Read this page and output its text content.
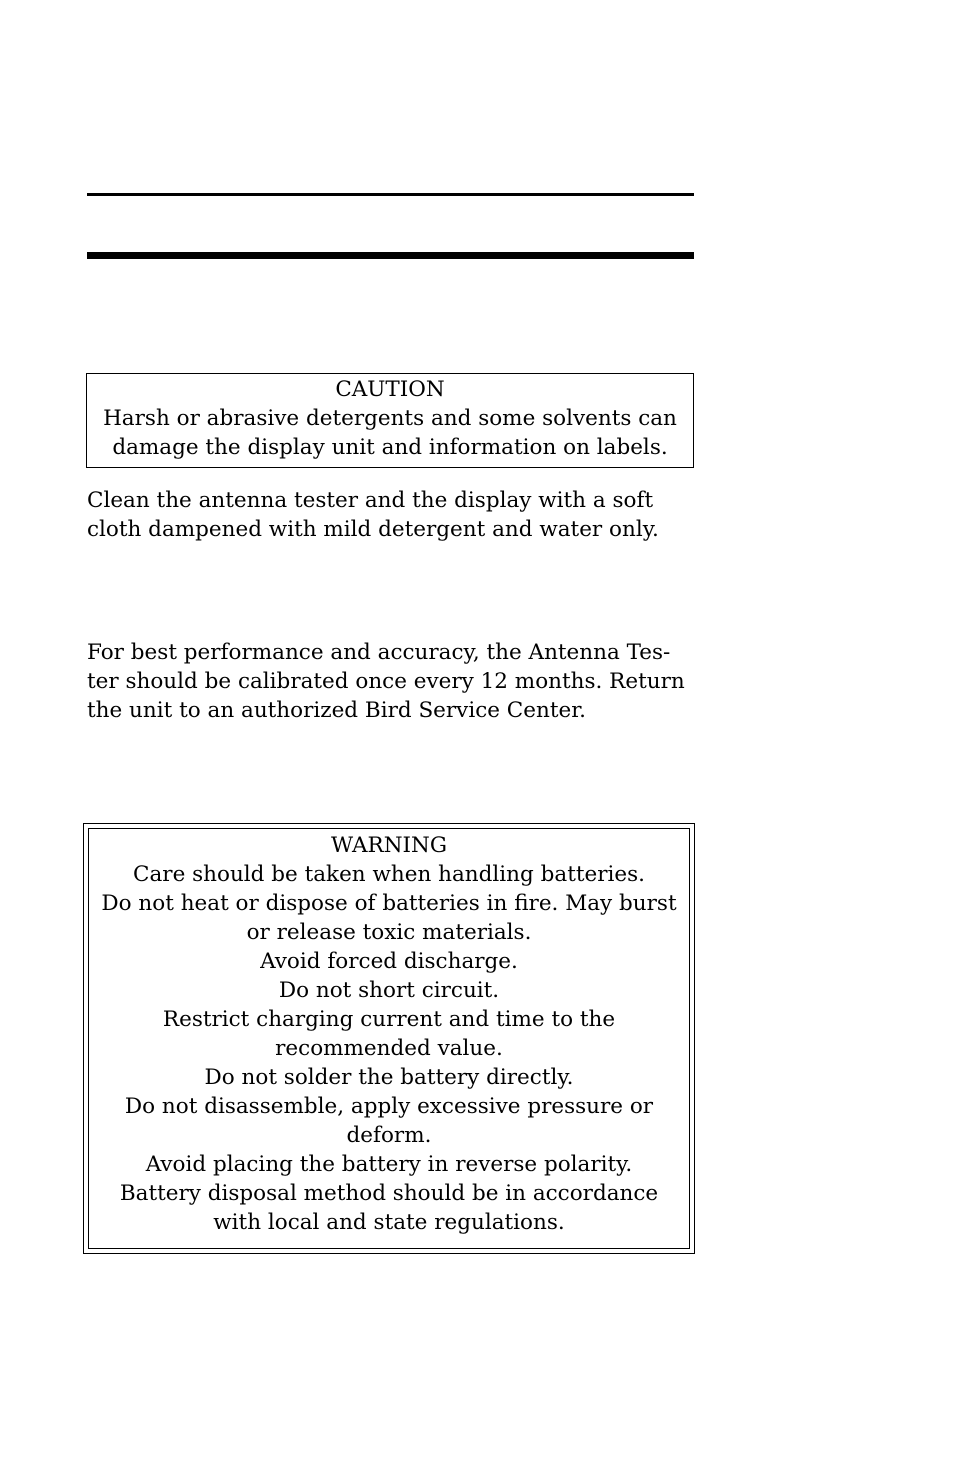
CAUTION
Harsh or abrasive detergents and some solvents can
damage the display unit and information on labels.
Clean the antenna tester and the display with a soft
cloth dampened with mild detergent and water only.
For best performance and accuracy, the Antenna Tes-
ter should be calibrated once every 12 months. Return
the unit to an authorized Bird Service Center.
WARNING
Care should be taken when handling batteries.
Do not heat or dispose of batteries in fire. May burst
or release toxic materials.
Avoid forced discharge.
Do not short circuit.
Restrict charging current and time to the
recommended value.
Do not solder the battery directly.
Do not disassemble, apply excessive pressure or
deform.
Avoid placing the battery in reverse polarity.
Battery disposal method should be in accordance
with local and state regulations.
